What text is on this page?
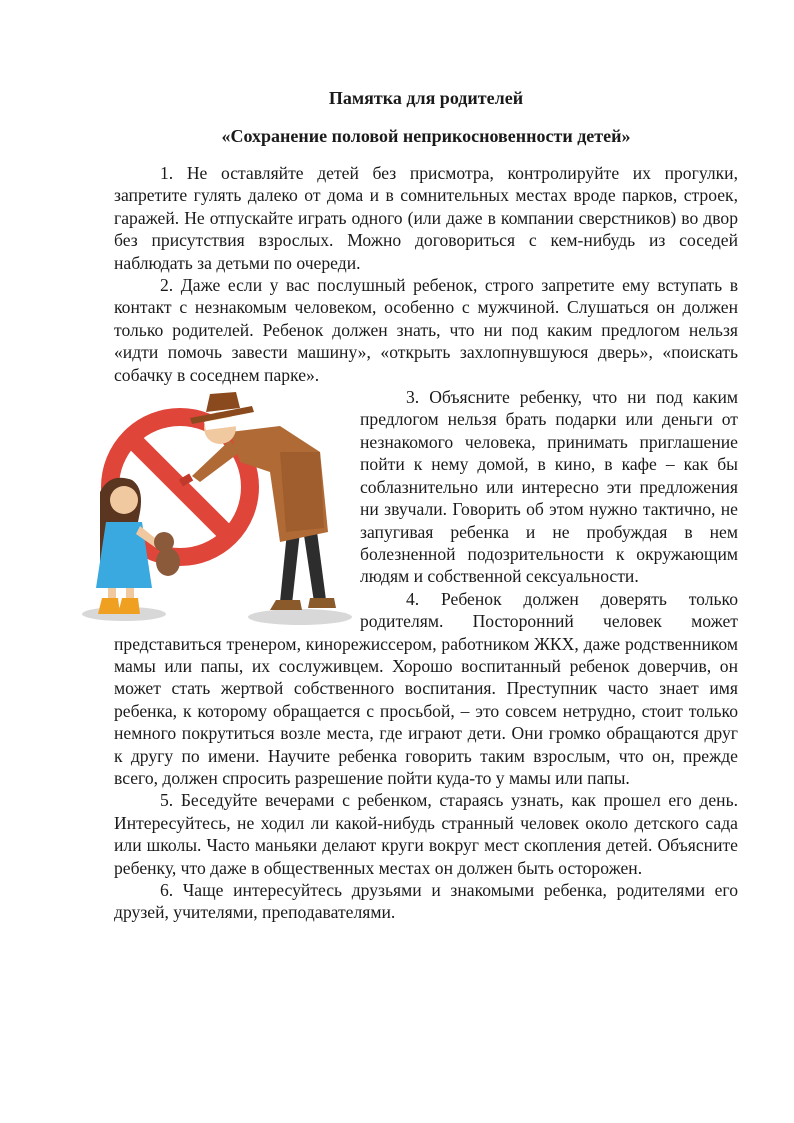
Памятка для родителей
«Сохранение половой неприкосновенности детей»

1. Не оставляйте детей без присмотра, контролируйте их прогулки, запретите гулять далеко от дома и в сомнительных местах вроде парков, строек, гаражей. Не отпускайте играть одного (или даже в компании сверстников) во двор без присутствия взрослых. Можно договориться с кем-нибудь из соседей наблюдать за детьми по очереди.

2. Даже если у вас послушный ребенок, строго запретите ему вступать в контакт с незнакомым человеком, особенно с мужчиной. Слушаться он должен только родителей. Ребенок должен знать, что ни под каким предлогом нельзя «идти помочь завести машину», «открыть захлопнувшуюся дверь», «поискать собачку в соседнем парке».

3. Объясните ребенку, что ни под каким предлогом нельзя брать подарки или деньги от незнакомого человека, принимать приглашение пойти к нему домой, в кино, в кафе – как бы соблазнительно или интересно эти предложения ни звучали. Говорить об этом нужно тактично, не запугивая ребенка и не пробуждая в нем болезненной подозрительности к окружающим людям и собственной сексуальности.

4. Ребенок должен доверять только родителям. Посторонний человек может представиться тренером, кинорежиссером, работником ЖКХ, даже родственником мамы или папы, их сослуживцем. Хорошо воспитанный ребенок доверчив, он может стать жертвой собственного воспитания. Преступник часто знает имя ребенка, к которому обращается с просьбой, – это совсем нетрудно, стоит только немного покрутиться возле места, где играют дети. Они громко обращаются друг к другу по имени. Научите ребенка говорить таким взрослым, что он, прежде всего, должен спросить разрешение пойти куда-то у мамы или папы.

5. Беседуйте вечерами с ребенком, стараясь узнать, как прошел его день. Интересуйтесь, не ходил ли какой-нибудь странный человек около детского сада или школы. Часто маньяки делают круги вокруг мест скопления детей. Объясните ребенку, что даже в общественных местах он должен быть осторожен.

6. Чаще интересуйтесь друзьями и знакомыми ребенка, родителями его друзей, учителями, преподавателями.
